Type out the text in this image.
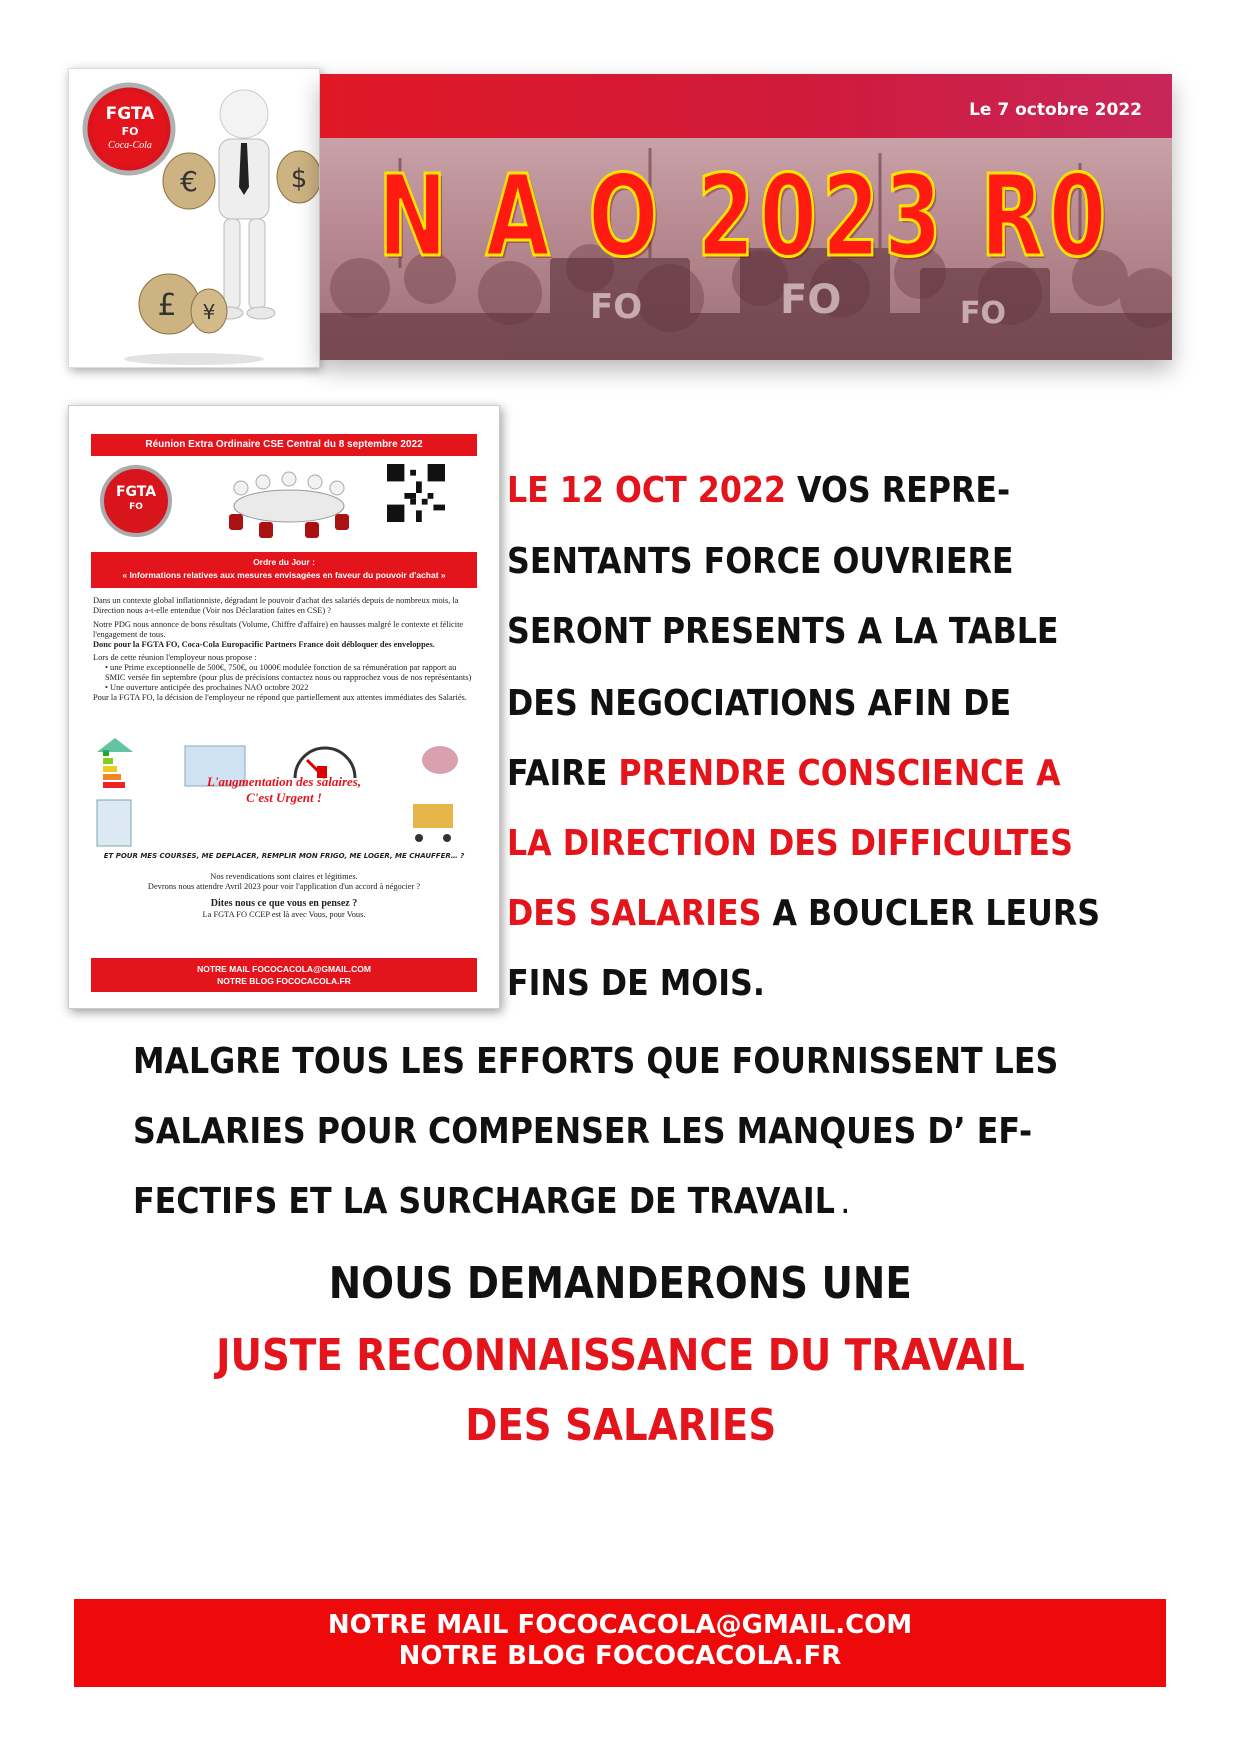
€	$
£ ¥
FGTA
FO
Coca-Cola
Le 7 octobre 2022
FO	FO	FO
N A O 2023 R0
Réunion Extra Ordinaire CSE Central du 8 septembre 2022
FGTA
FO
Ordre du Jour :
« Informations relatives aux mesures envisagées en faveur du pouvoir d'achat »

Dans un contexte global inflationniste, dégradant le pouvoir d'achat des salariés depuis de nombreux mois, la Direction nous a-t-elle entendue (Voir nos Déclaration faites en CSE) ?

Notre PDG nous annonce de bons résultats (Volume, Chiffre d'affaire) en hausses malgré le contexte et félicite l'engagement de tous.

Donc pour la FGTA FO, Coca-Cola Europacific Partners France doit débloquer des enveloppes.

Lors de cette réunion l'employeur nous propose :

• une Prime exceptionnelle de 500€, 750€, ou 1000€ modulée fonction de sa rémunération par rapport au SMIC versée fin septembre (pour plus de précisions contactez nous ou rapprochez vous de nos représentants)

• Une ouverture anticipée des prochaines NAO octobre 2022

Pour la FGTA FO, la décision de l'employeur ne répond que partiellement aux attentes immédiates des Salariés.

L'augmentation des salaires,
C'est Urgent !
ET POUR MES COURSES, ME DEPLACER, REMPLIR MON FRIGO, ME LOGER, ME CHAUFFER… ?

Nos revendications sont claires et légitimes.

Devrons nous attendre Avril 2023 pour voir l'application d'un accord à négocier ?

Dites nous ce que vous en pensez ?

La FGTA FO CCEP est là avec Vous, pour Vous.

NOTRE MAIL FOCOCACOLA@GMAIL.COM
NOTRE BLOG FOCOCACOLA.FR
LE 12 OCT 2022 VOS REPRE-
SENTANTS FORCE OUVRIERE
SERONT PRESENTS A LA TABLE
DES NEGOCIATIONS AFIN DE
FAIRE PRENDRE CONSCIENCE A
LA DIRECTION DES DIFFICULTES
DES SALARIES A BOUCLER LEURS
FINS DE MOIS.
MALGRE TOUS LES EFFORTS QUE FOURNISSENT LES
SALARIES POUR COMPENSER LES MANQUES D’ EF-
FECTIFS ET LA SURCHARGE DE TRAVAIL .
NOUS DEMANDERONS UNE
JUSTE RECONNAISSANCE DU TRAVAIL
DES SALARIES
NOTRE MAIL FOCOCACOLA@GMAIL.COM
NOTRE BLOG FOCOCACOLA.FR
